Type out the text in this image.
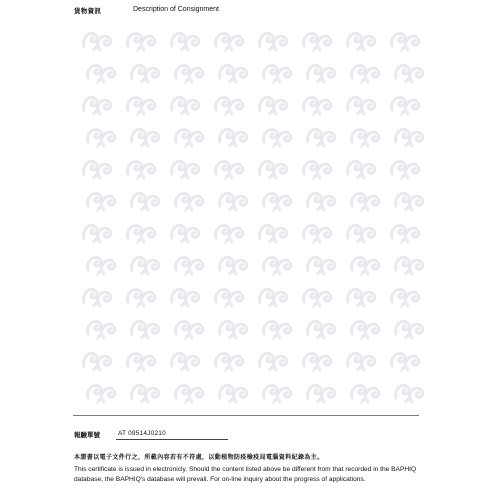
貨物資訊	Description of Consignment
報驗單號	AT 09514J0210
本證書以電子文件行之，所載內容若有不符處，以動植物防疫檢疫局電腦資料紀錄為主。
This certificate is issued in electronicly. Should the content listed above be different from that recorded in the BAPHIQ database, the BAPHIQ's database will prevail. For on-line inquiry about the progress of applications.
